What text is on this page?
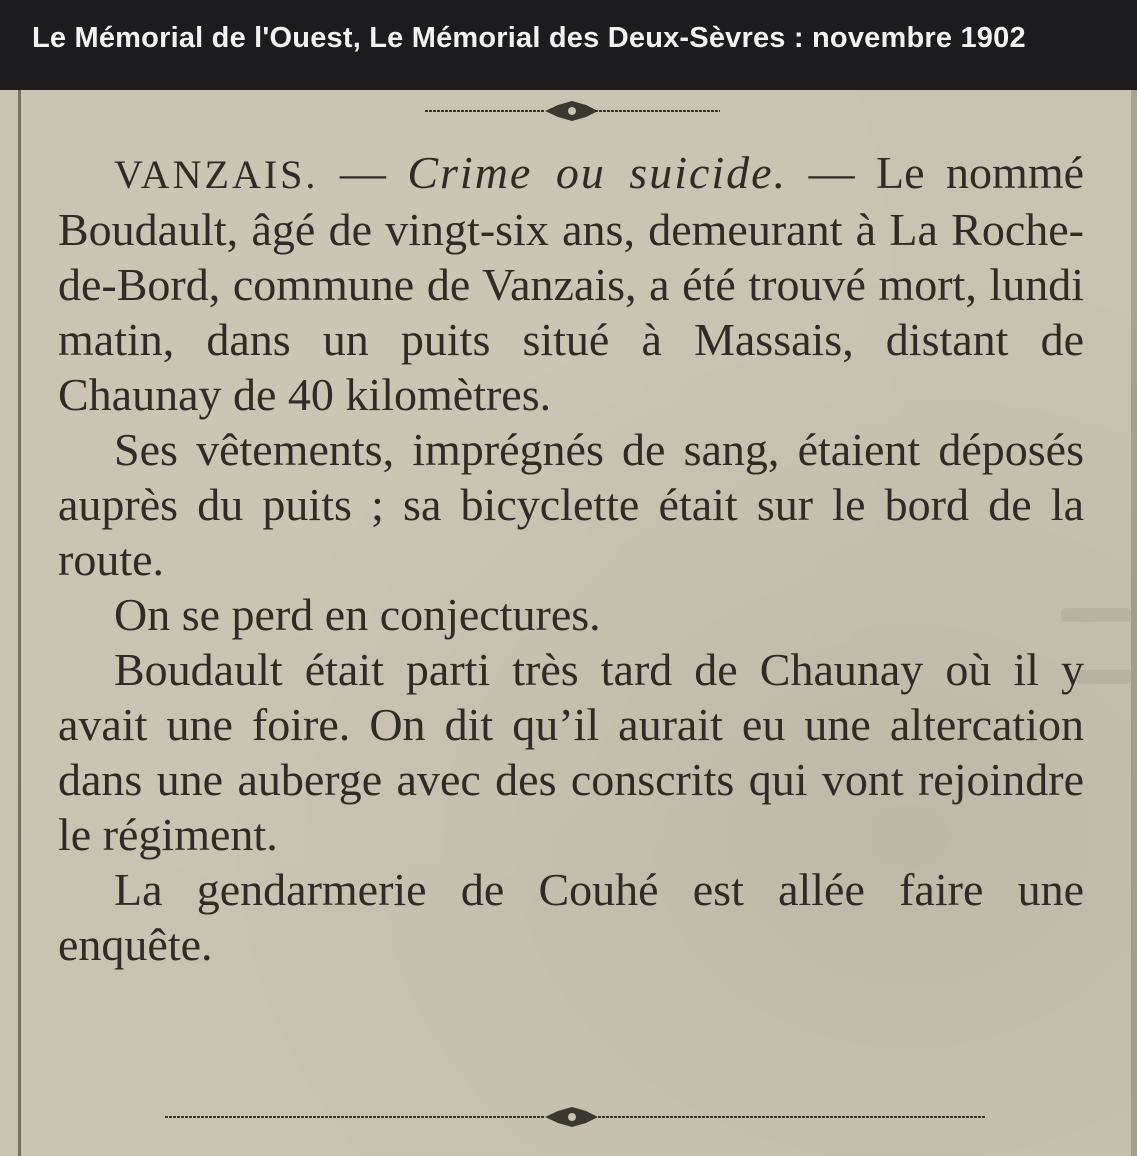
Le Mémorial de l'Ouest, Le Mémorial des Deux-Sèvres : novembre 1902

VANZAIS. — Crime ou suicide. — Le nommé Boudault, âgé de vingt-six ans, demeurant à La Roche-de-Bord, commune de Vanzais, a été trouvé mort, lundi matin, dans un puits situé à Massais, distant de Chaunay de 40 kilomètres.

Ses vêtements, imprégnés de sang, étaient déposés auprès du puits ; sa bicyclette était sur le bord de la route.

On se perd en conjectures.

Boudault était parti très tard de Chaunay où il y avait une foire. On dit qu’il aurait eu une altercation dans une auberge avec des conscrits qui vont rejoindre le régiment.

La gendarmerie de Couhé est allée faire une enquête.
